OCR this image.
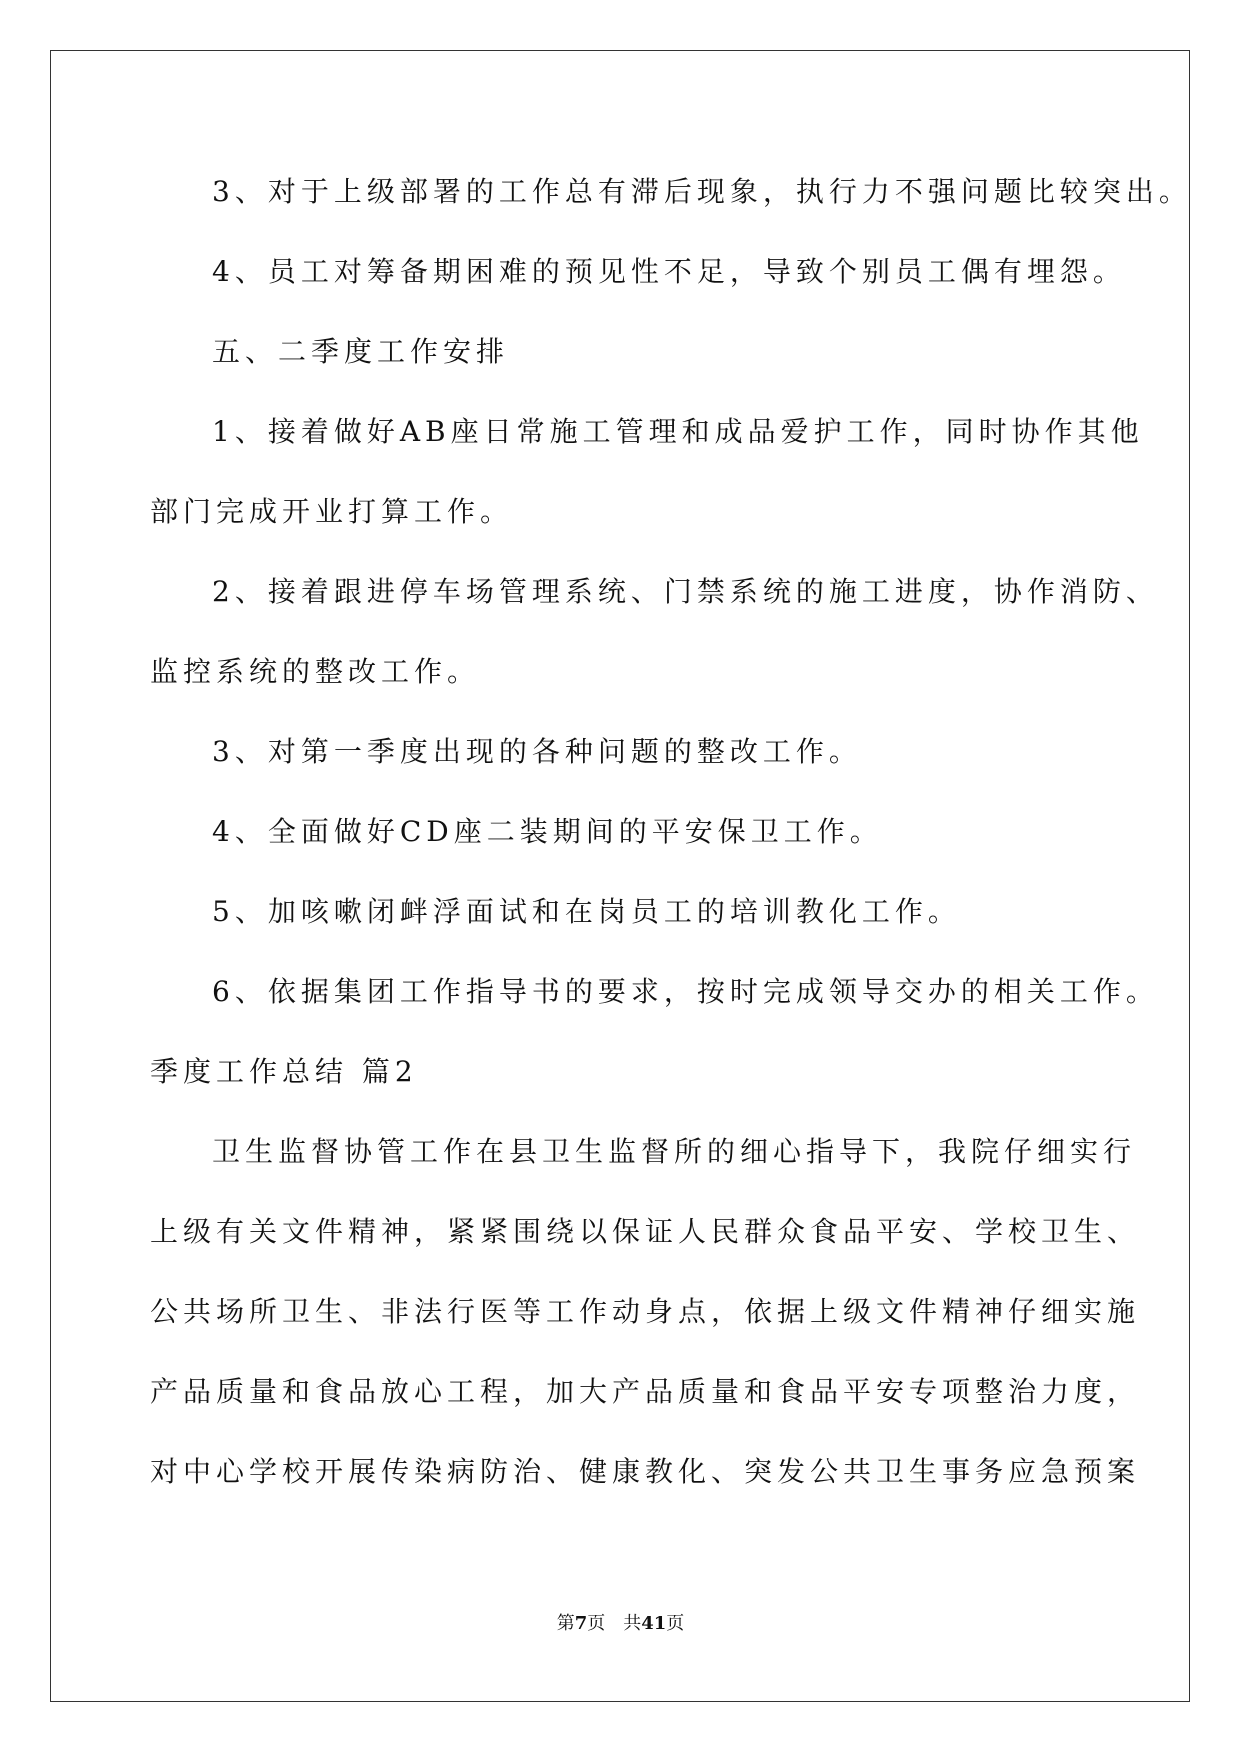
3、对于上级部署的工作总有滞后现象，执行力不强问题比较突出。
4、员工对筹备期困难的预见性不足，导致个别员工偶有埋怨。
五、二季度工作安排
1、接着做好AB座日常施工管理和成品爱护工作，同时协作其他
部门完成开业打算工作。
2、接着跟进停车场管理系统、门禁系统的施工进度，协作消防、
监控系统的整改工作。
3、对第一季度出现的各种问题的整改工作。
4、全面做好CD座二装期间的平安保卫工作。
5、加咳嗽闭衅浮面试和在岗员工的培训教化工作。
6、依据集团工作指导书的要求，按时完成领导交办的相关工作。
季度工作总结 篇2
卫生监督协管工作在县卫生监督所的细心指导下，我院仔细实行
上级有关文件精神，紧紧围绕以保证人民群众食品平安、学校卫生、
公共场所卫生、非法行医等工作动身点，依据上级文件精神仔细实施
产品质量和食品放心工程，加大产品质量和食品平安专项整治力度，
对中心学校开展传染病防治、健康教化、突发公共卫生事务应急预案
第7页　共41页
